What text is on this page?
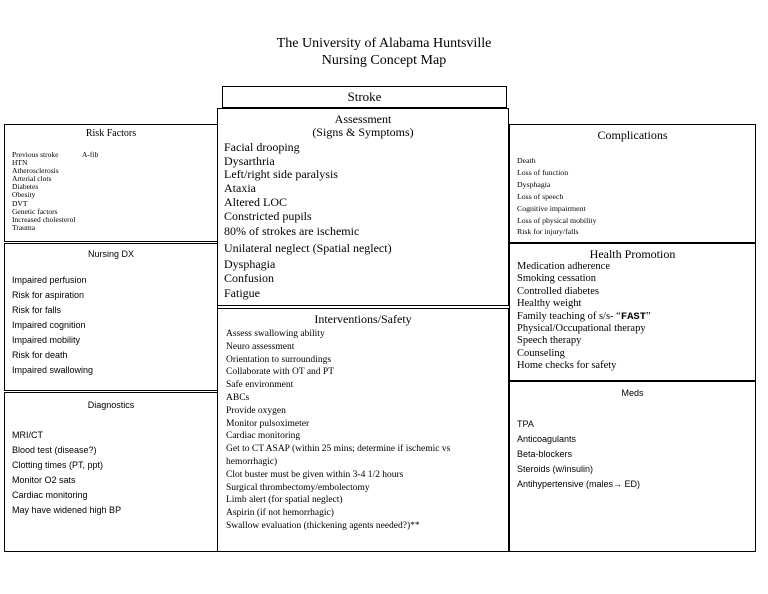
The University of Alabama Huntsville
Nursing Concept Map
Stroke
Risk Factors
Previous stroke
HTN
Atherosclerosis
Arterial clots
Diabetes
Obesity
DVT
Genetic factors
Increased cholesterol
Trauma
A-fib
Assessment
(Signs & Symptoms)
Facial drooping
Dysarthria
Left/right side paralysis
Ataxia
Altered LOC
Constricted pupils
80% of strokes are ischemic
Unilateral neglect (Spatial neglect)
Dysphagia
Confusion
Fatigue
Complications
Death
Loss of function
Dysphagia
Loss of speech
Cognitive impairment
Loss of physical mobility
Risk for injury/falls
Nursing DX
Impaired perfusion
Risk for aspiration
Risk for falls
Impaired cognition
Impaired mobility
Risk for death
Impaired swallowing
Health Promotion
Medication adherence
Smoking cessation
Controlled diabetes
Healthy weight
Family teaching of s/s- “FAST”
Physical/Occupational therapy
Speech therapy
Counseling
Home checks for safety
Interventions/Safety
Assess swallowing ability
Neuro assessment
Orientation to surroundings
Collaborate with OT and PT
Safe environment
ABCs
Provide oxygen
Monitor pulsoximeter
Cardiac monitoring
Get to CT ASAP (within 25 mins; determine if ischemic vs
hemorrhagic)
Clot buster must be given within 3-4 1/2 hours
Surgical thrombectomy/embolectomy
Limb alert (for spatial neglect)
Aspirin (if not hemorrhagic)
Swallow evaluation (thickening agents needed?)**
Diagnostics
MRI/CT
Blood test (disease?)
Clotting times (PT, ppt)
Monitor O2 sats
Cardiac monitoring
May have widened high BP
Meds
TPA
Anticoagulants
Beta-blockers
Steroids (w/insulin)
Antihypertensive (males→ ED)
